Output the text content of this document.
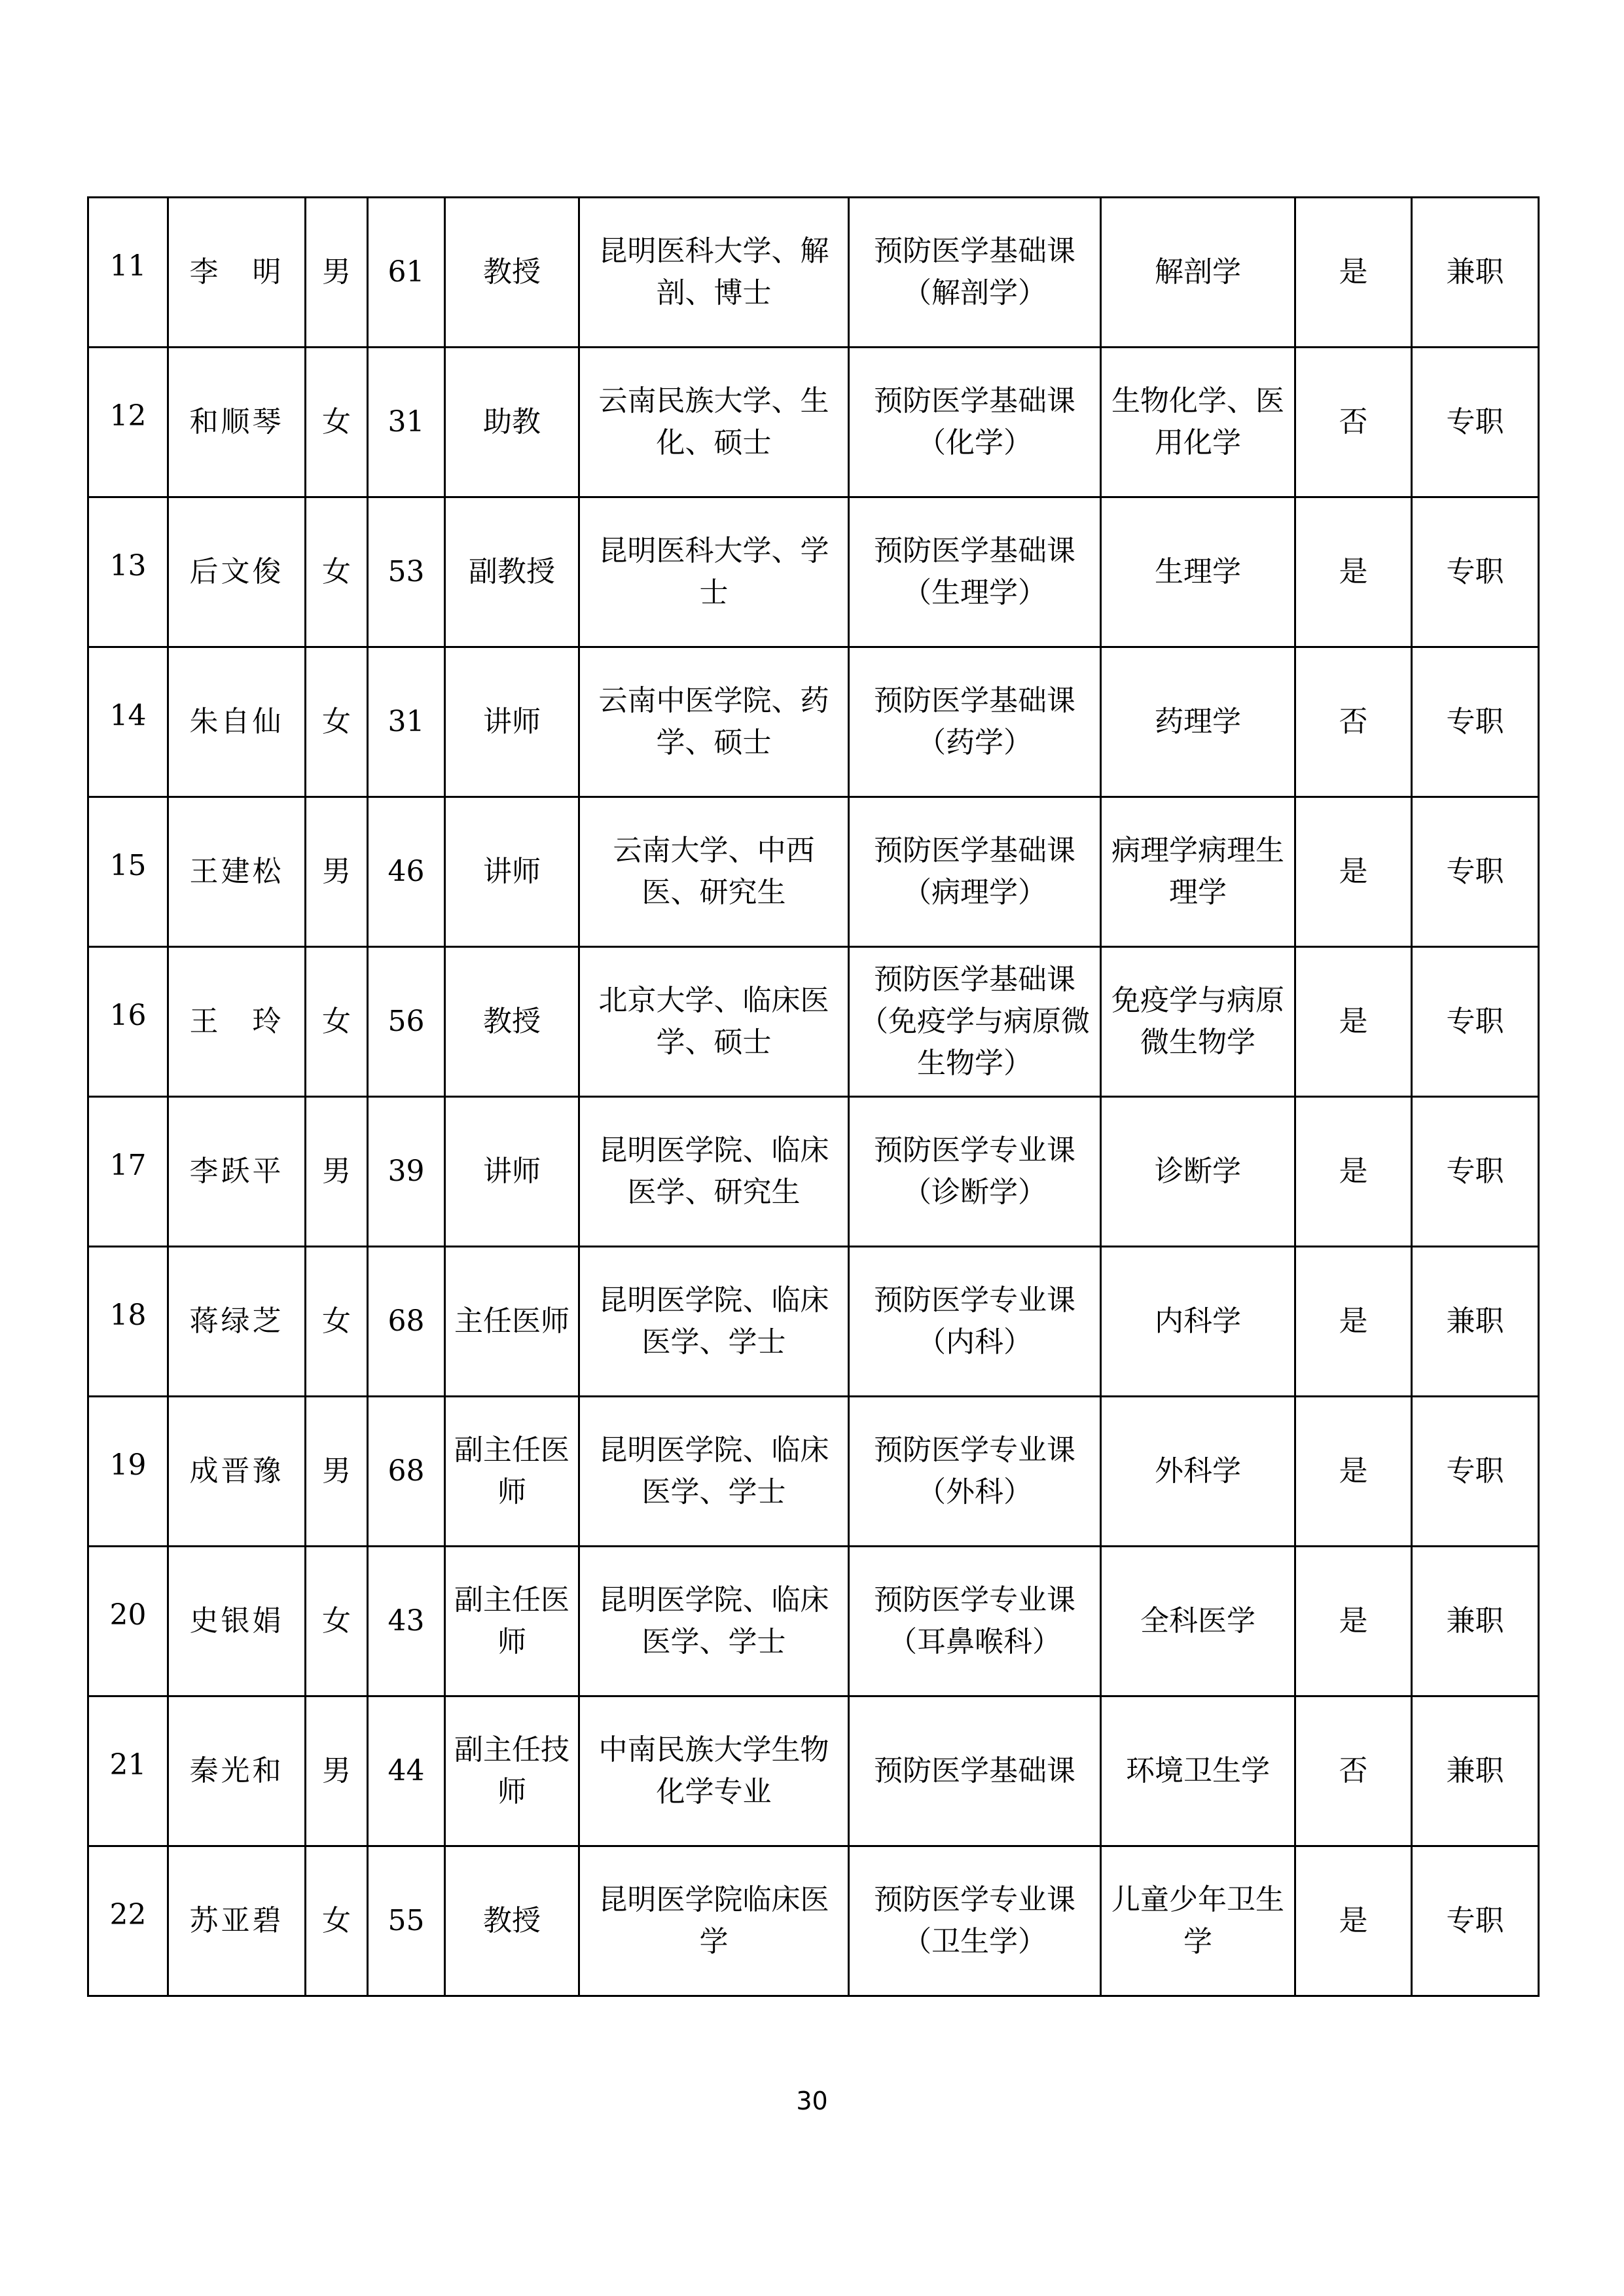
11	李　明	男	61	教授	昆明医科大学、解剖、博士	预防医学基础课（解剖学）	解剖学	是	兼职
12	和顺琴	女	31	助教	云南民族大学、生化、硕士	预防医学基础课（化学）	生物化学、医用化学	否	专职
13	后文俊	女	53	副教授	昆明医科大学、学士	预防医学基础课（生理学）	生理学	是	专职
14	朱自仙	女	31	讲师	云南中医学院、药学、硕士	预防医学基础课（药学）	药理学	否	专职
15	王建松	男	46	讲师	云南大学、中西医、研究生	预防医学基础课（病理学）	病理学病理生理学	是	专职
16	王　玲	女	56	教授	北京大学、临床医学、硕士	预防医学基础课（免疫学与病原微生物学）	免疫学与病原微生物学	是	专职
17	李跃平	男	39	讲师	昆明医学院、临床医学、研究生	预防医学专业课（诊断学）	诊断学	是	专职
18	蒋绿芝	女	68	主任医师	昆明医学院、临床医学、学士	预防医学专业课（内科）	内科学	是	兼职
19	成晋豫	男	68	副主任医师	昆明医学院、临床医学、学士	预防医学专业课（外科）	外科学	是	专职
20	史银娟	女	43	副主任医师	昆明医学院、临床医学、学士	预防医学专业课（耳鼻喉科）	全科医学	是	兼职
21	秦光和	男	44	副主任技师	中南民族大学生物化学专业	预防医学基础课	环境卫生学	否	兼职
22	苏亚碧	女	55	教授	昆明医学院临床医学	预防医学专业课（卫生学）	儿童少年卫生学	是	专职
30
